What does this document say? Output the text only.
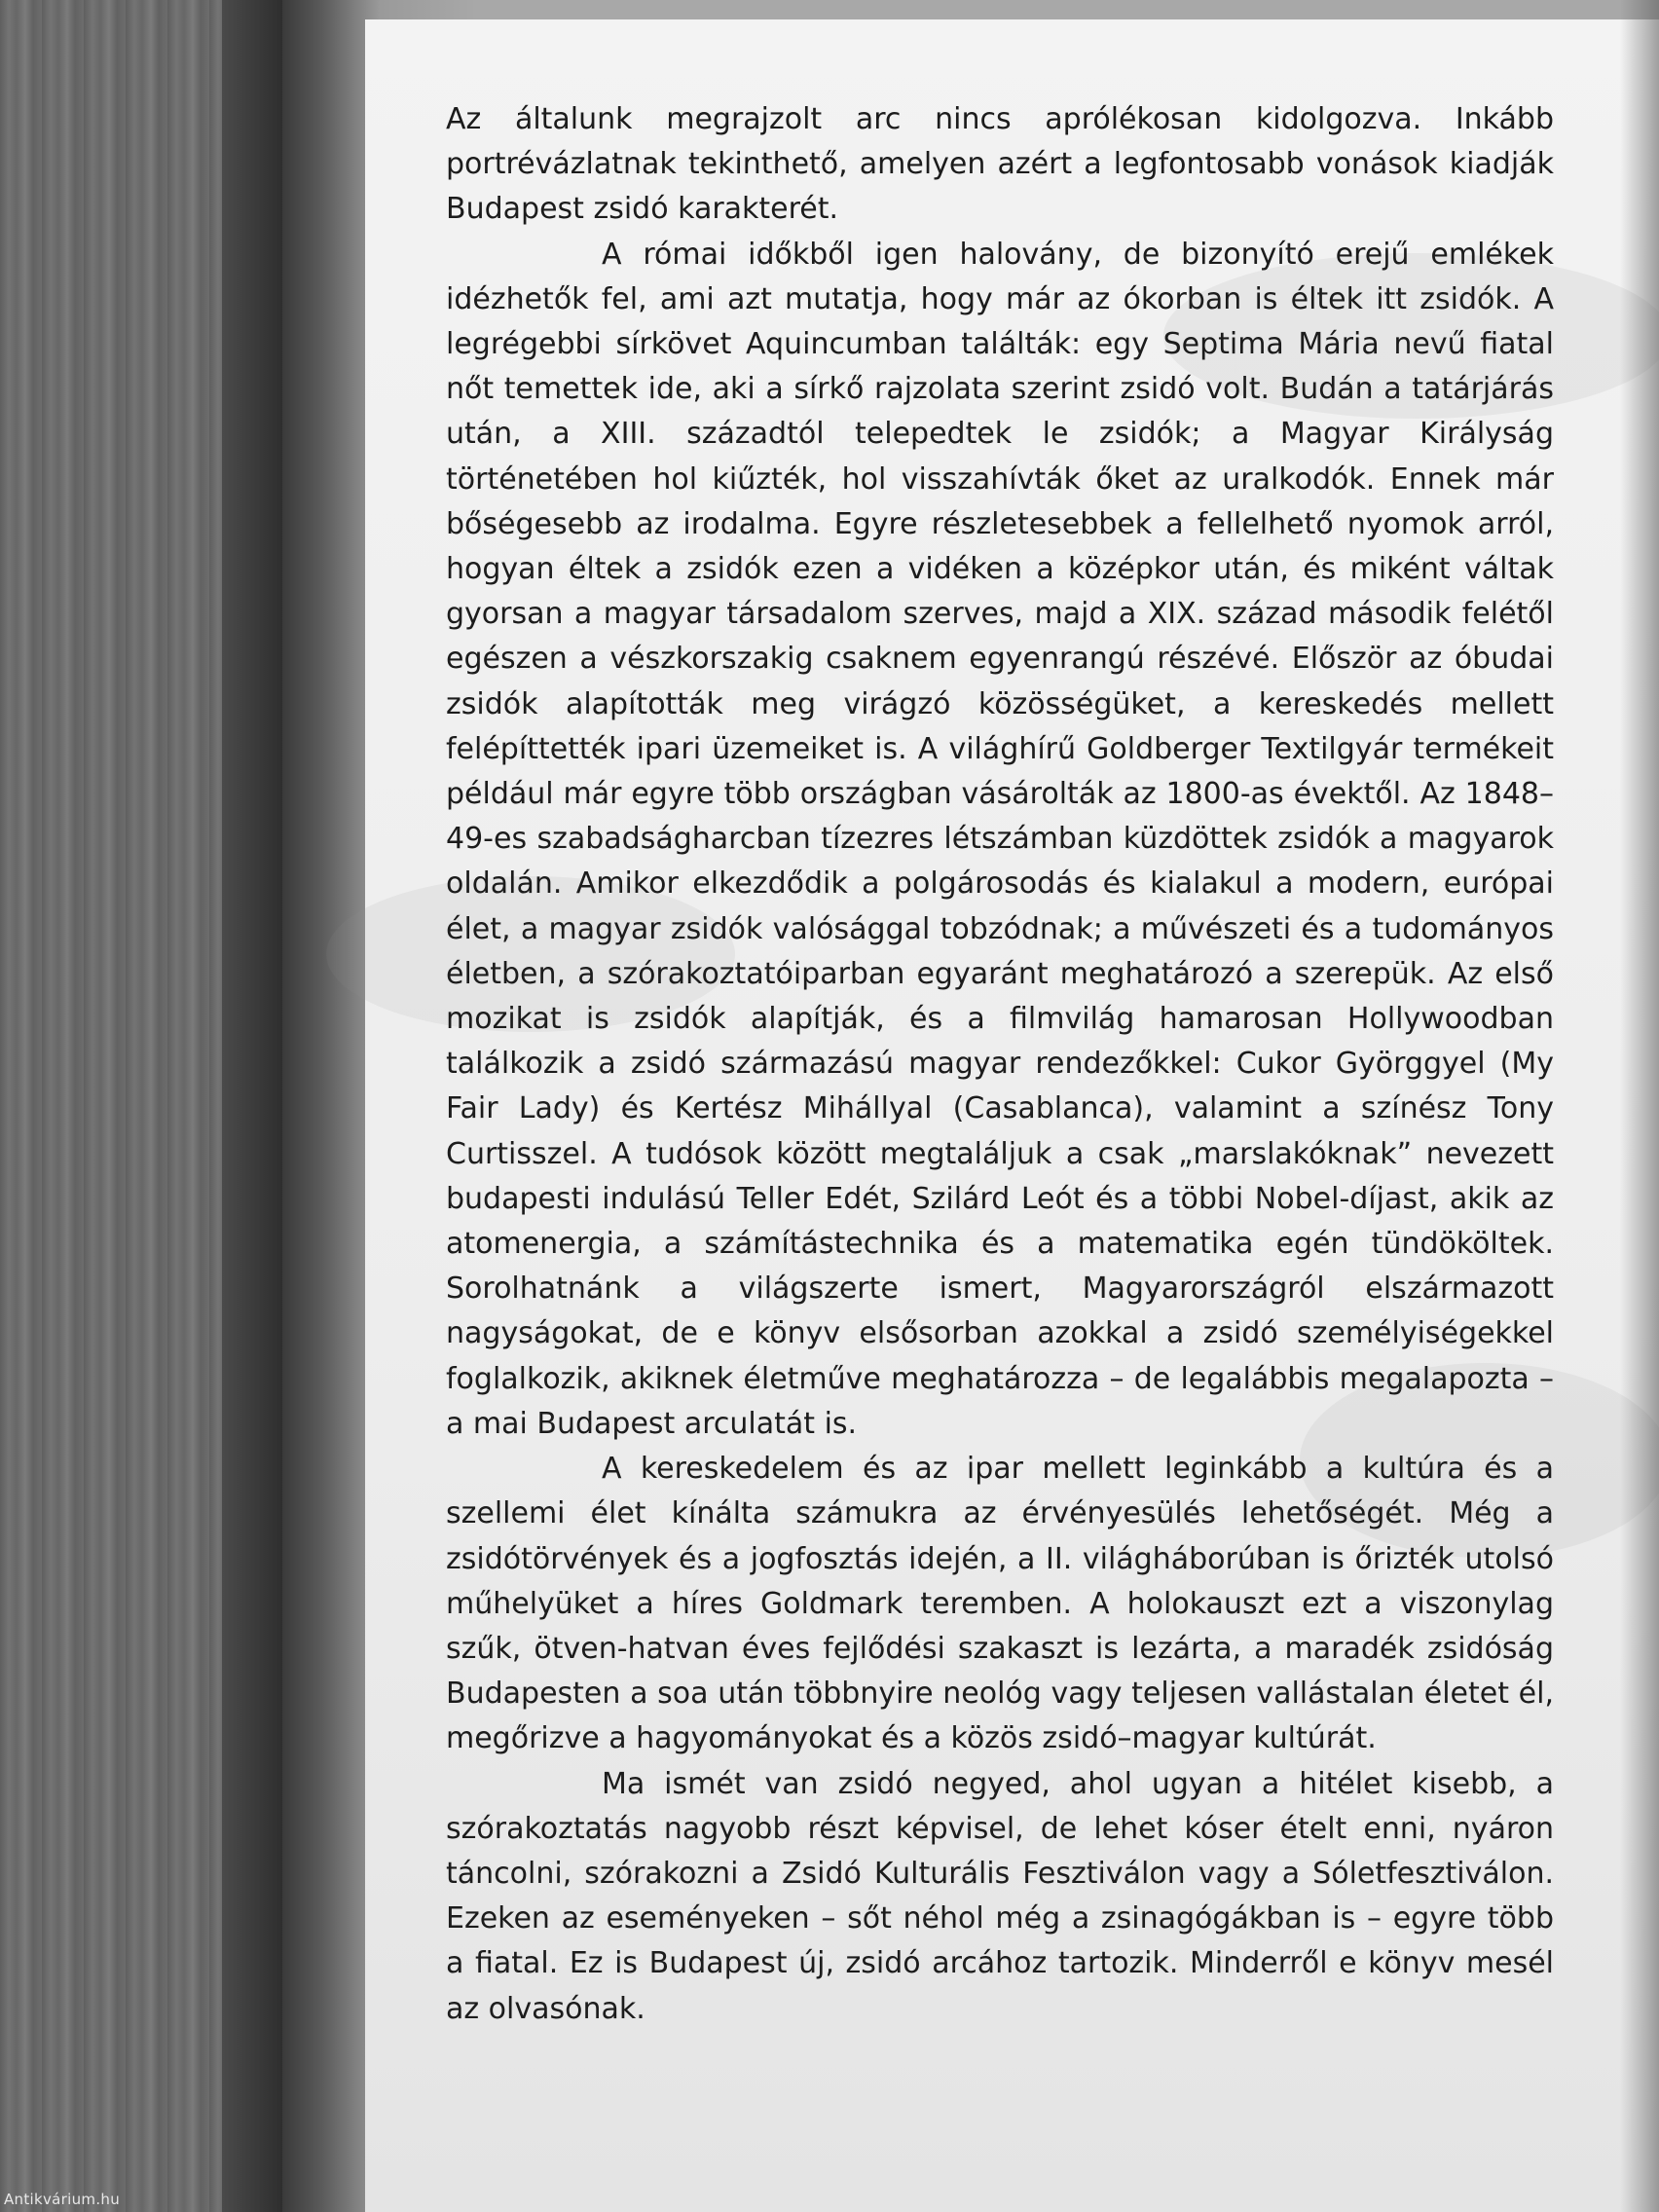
Az általunk megrajzolt arc nincs aprólékosan kidolgozva. Inkább portrévázlatnak tekinthető, amelyen azért a legfontosabb vonások kiadják Budapest zsidó karakterét.

A római időkből igen halovány, de bizonyító erejű emlékek idézhetők fel, ami azt mutatja, hogy már az ókorban is éltek itt zsidók. A legrégebbi sírkövet Aquincumban találták: egy Septima Mária nevű fiatal nőt temettek ide, aki a sírkő rajzolata szerint zsidó volt. Budán a tatárjárás után, a XIII. századtól telepedtek le zsidók; a Magyar Királyság történetében hol kiűzték, hol visszahívták őket az uralkodók. Ennek már bőségesebb az irodalma. Egyre részletesebbek a fellelhető nyomok arról, hogyan éltek a zsidók ezen a vidéken a középkor után, és miként váltak gyorsan a magyar társadalom szerves, majd a XIX. század második felétől egészen a vészkorszakig csaknem egyenrangú részévé. Először az óbudai zsidók alapították meg virágzó közösségüket, a kereskedés mellett felépíttették ipari üzemeiket is. A világhírű Goldberger Textilgyár termékeit például már egyre több országban vásárolták az 1800-as évektől. Az 1848–49-es szabadságharcban tízezres létszámban küzdöttek zsidók a magyarok oldalán. Amikor elkezdődik a polgárosodás és kialakul a modern, európai élet, a magyar zsidók valósággal tobzódnak; a művészeti és a tudományos életben, a szórakoztatóiparban egyaránt meghatározó a szerepük. Az első mozikat is zsidók alapítják, és a filmvilág hamarosan Hollywoodban találkozik a zsidó származású magyar rendezőkkel: Cukor Györggyel (My Fair Lady) és Kertész Mihállyal (Casablanca), valamint a színész Tony Curtisszel. A tudósok között megtaláljuk a csak „marslakóknak” nevezett budapesti indulású Teller Edét, Szilárd Leót és a többi Nobel-díjast, akik az atomenergia, a számítástechnika és a matematika egén tündököltek. Sorolhatnánk a világszerte ismert, Magyarországról elszármazott nagyságokat, de e könyv elsősorban azokkal a zsidó személyiségekkel foglalkozik, akiknek életműve meghatározza – de legalábbis megalapozta – a mai Budapest arculatát is.

A kereskedelem és az ipar mellett leginkább a kultúra és a szellemi élet kínálta számukra az érvényesülés lehetőségét. Még a zsidótörvények és a jogfosztás idején, a II. világháborúban is őrizték utolsó műhelyüket a híres Goldmark teremben. A holokauszt ezt a viszonylag szűk, ötven-hatvan éves fejlődési szakaszt is lezárta, a maradék zsidóság Budapesten a soa után többnyire neológ vagy teljesen vallástalan életet él, megőrizve a hagyományokat és a közös zsidó–magyar kultúrát.

Ma ismét van zsidó negyed, ahol ugyan a hitélet kisebb, a szórakoztatás nagyobb részt képvisel, de lehet kóser ételt enni, nyáron táncolni, szórakozni a Zsidó Kulturális Fesztiválon vagy a Sóletfesztiválon. Ezeken az eseményeken – sőt néhol még a zsinagógákban is – egyre több a fiatal. Ez is Budapest új, zsidó arcához tartozik. Minderről e könyv mesél az olvasónak.

Antikvárium.hu
